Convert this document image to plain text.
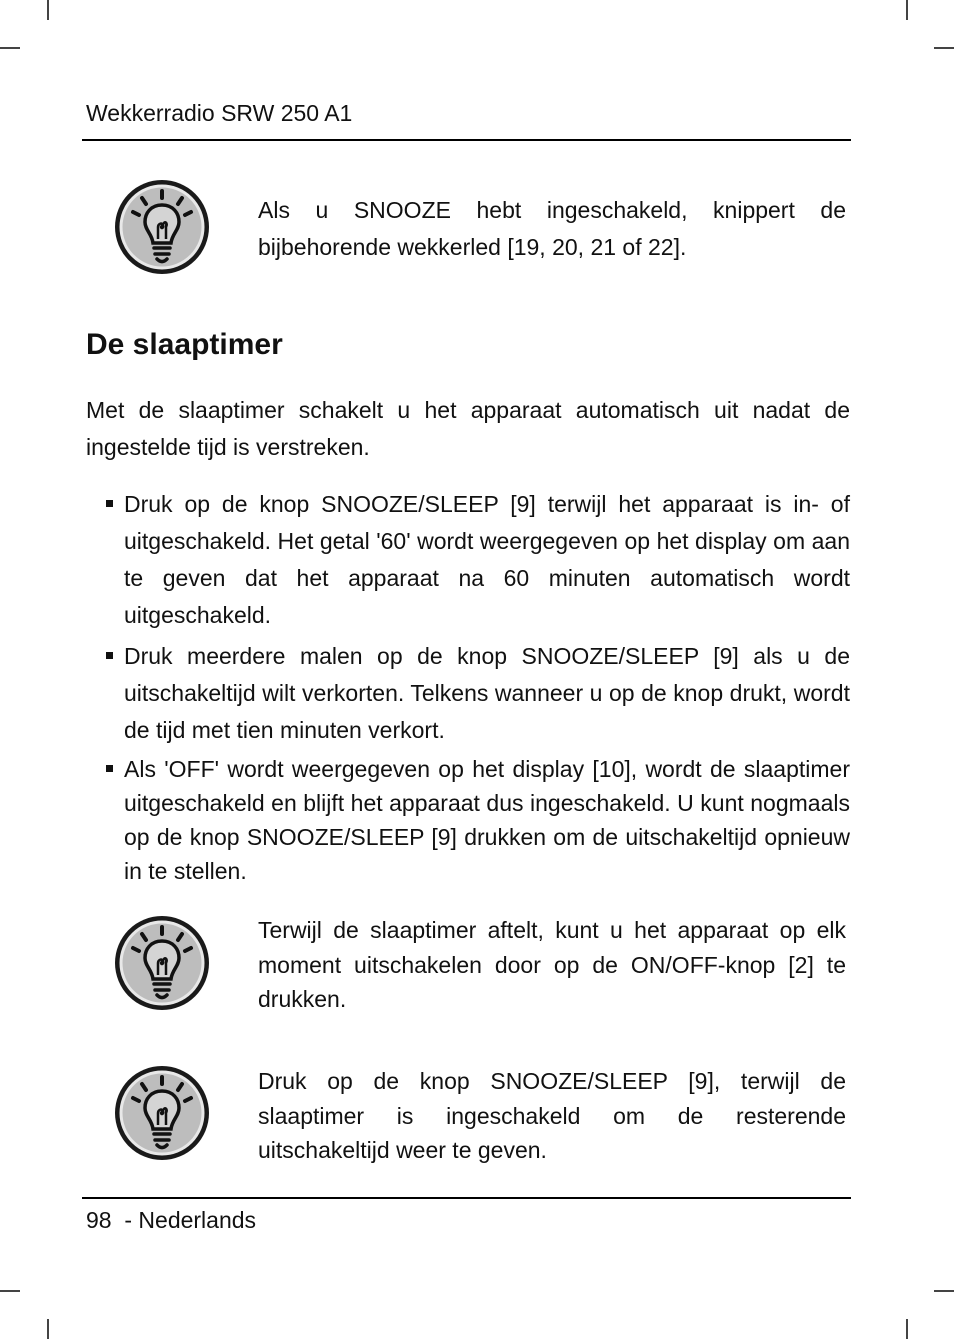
Wekkerradio SRW 250 A1
Als u SNOOZE hebt ingeschakeld, knippert de bijbehorende wekkerled [19, 20, 21 of 22].
De slaaptimer
Met de slaaptimer schakelt u het apparaat automatisch uit nadat de ingestelde tijd is verstreken.
Druk op de knop SNOOZE/SLEEP [9] terwijl het apparaat is in- of uitgeschakeld. Het getal '60' wordt weergegeven op het display om aan te geven dat het apparaat na 60 minuten automatisch wordt uitgeschakeld.
Druk meerdere malen op de knop SNOOZE/SLEEP [9] als u de uitschakeltijd wilt verkorten. Telkens wanneer u op de knop drukt, wordt de tijd met tien minuten verkort.
Als 'OFF' wordt weergegeven op het display [10], wordt de slaaptimer uitgeschakeld en blijft het apparaat dus ingeschakeld. U kunt nogmaals op de knop SNOOZE/SLEEP [9] drukken om de uitschakeltijd opnieuw in te stellen.
Terwijl de slaaptimer aftelt, kunt u het apparaat op elk moment uitschakelen door op de ON/OFF-knop [2] te drukken.
Druk op de knop SNOOZE/SLEEP [9], terwijl de slaaptimer is ingeschakeld om de resterende uitschakeltijd weer te geven.
98  - Nederlands
